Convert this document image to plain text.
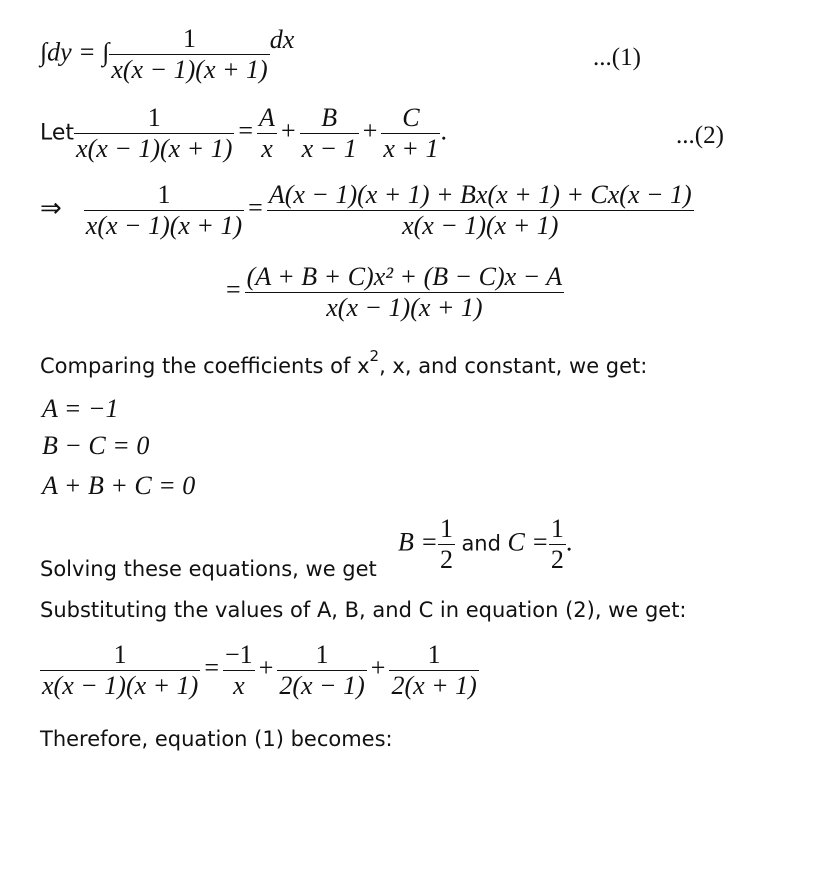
∫dy = ∫ $\frac{1}{x(x - 1)(x + 1)}$ dx
...(1)
Let $\frac{1}{x(x - 1)(x + 1)} = \frac{A}{x} + \frac{B}{x - 1} + \frac{C}{x + 1}$ .	...(2)
⇒ $\frac{1}{x(x - 1)(x + 1)} = \frac{A(x - 1)(x + 1) + Bx(x + 1) + Cx(x - 1)}{x(x - 1)(x + 1)}$
= $\frac{\text{(A + B + C)x² + (B − C)x − A}}{x(x - 1)(x + 1)}$
Comparing the coefficients of $x^2$, x, and constant, we get:
A = −1
B − C = 0
A + B + C = 0
$B = \frac{1}{2}$ and $C = \frac{1}{2}$ .
Solving these equations, we get
Substituting the values of A, B, and C in equation (2), we get:
$\frac{1}{x(x - 1)(x + 1)} = \frac{-1}{x} + \frac{1}{2(x - 1)} + \frac{1}{2(x + 1)}$
Therefore, equation (1) becomes:
